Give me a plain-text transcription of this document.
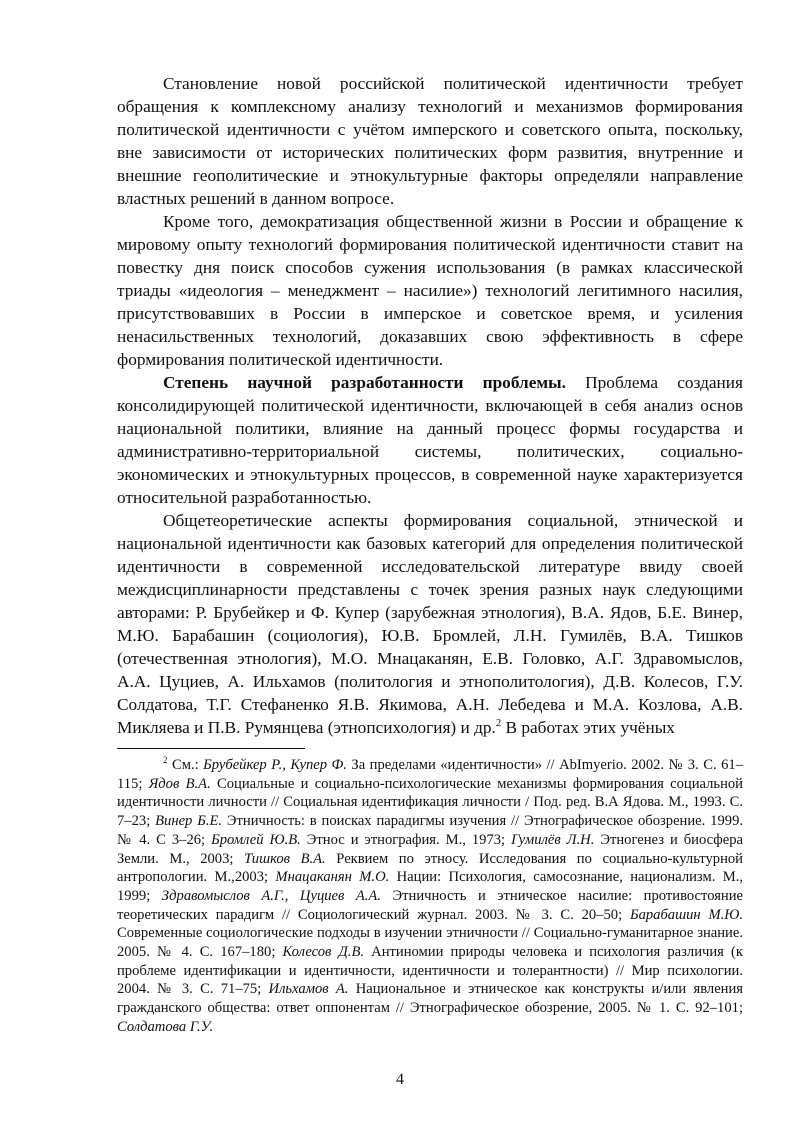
Становление новой российской политической идентичности требует обращения к комплексному анализу технологий и механизмов формирования политической идентичности с учётом имперского и советского опыта, поскольку, вне зависимости от исторических политических форм развития, внутренние и внешние геополитические и этнокультурные факторы определяли направление властных решений в данном вопросе.

Кроме того, демократизация общественной жизни в России и обращение к мировому опыту технологий формирования политической идентичности ставит на повестку дня поиск способов сужения использования (в рамках классической триады «идеология – менеджмент – насилие») технологий легитимного насилия, присутствовавших в России в имперское и советское время, и усиления ненасильственных технологий, доказавших свою эффективность в сфере формирования политической идентичности.

Степень научной разработанности проблемы. Проблема создания консолидирующей политической идентичности, включающей в себя анализ основ национальной политики, влияние на данный процесс формы государства и административно-территориальной системы, политических, социально-экономических и этнокультурных процессов, в современной науке характеризуется относительной разработанностью.

Общетеоретические аспекты формирования социальной, этнической и национальной идентичности как базовых категорий для определения политической идентичности в современной исследовательской литературе ввиду своей междисциплинарности представлены с точек зрения разных наук следующими авторами: Р. Брубейкер и Ф. Купер (зарубежная этнология), В.А. Ядов, Б.Е. Винер, М.Ю. Барабашин (социология), Ю.В. Бромлей, Л.Н. Гумилёв, В.А. Тишков (отечественная этнология), М.О. Мнацаканян, Е.В. Головко, А.Г. Здравомыслов, А.А. Цуциев, А. Ильхамов (политология и этнополитология), Д.В. Колесов, Г.У. Солдатова, Т.Г. Стефаненко Я.В. Якимова, А.Н. Лебедева и М.А. Козлова, А.В. Микляева и П.В. Румянцева (этнопсихология) и др.$^2$ В работах этих учёных

$^2$ См.: Брубейкер Р., Купер Ф. За пределами «идентичности» // AbImyerio. 2002. № 3. С. 61–115; Ядов В.А. Социальные и социально-психологические механизмы формирования социальной идентичности личности // Социальная идентификация личности / Под. ред. В.А Ядова. М., 1993. С. 7–23; Винер Б.Е. Этничность: в поисках парадигмы изучения // Этнографическое обозрение. 1999. № 4. С 3–26; Бромлей Ю.В. Этнос и этнография. М., 1973; Гумилёв Л.Н. Этногенез и биосфера Земли. М., 2003; Тишков В.А. Реквием по этносу. Исследования по социально-культурной антропологии. М.,2003; Мнацаканян М.О. Нации: Психология, самосознание, национализм. М., 1999; Здравомыслов А.Г., Цуциев А.А. Этничность и этническое насилие: противостояние теоретических парадигм // Социологический журнал. 2003. № 3. С. 20–50; Барабашин М.Ю. Современные социологические подходы в изучении этничности // Социально-гуманитарное знание. 2005. № 4. С. 167–180; Колесов Д.В. Антиномии природы человека и психология различия (к проблеме идентификации и идентичности, идентичности и толерантности) // Мир психологии. 2004. № 3. С. 71–75; Ильхамов А. Национальное и этническое как конструкты и/или явления гражданского общества: ответ оппонентам // Этнографическое обозрение, 2005. № 1. С. 92–101; Солдатова Г.У.

4
